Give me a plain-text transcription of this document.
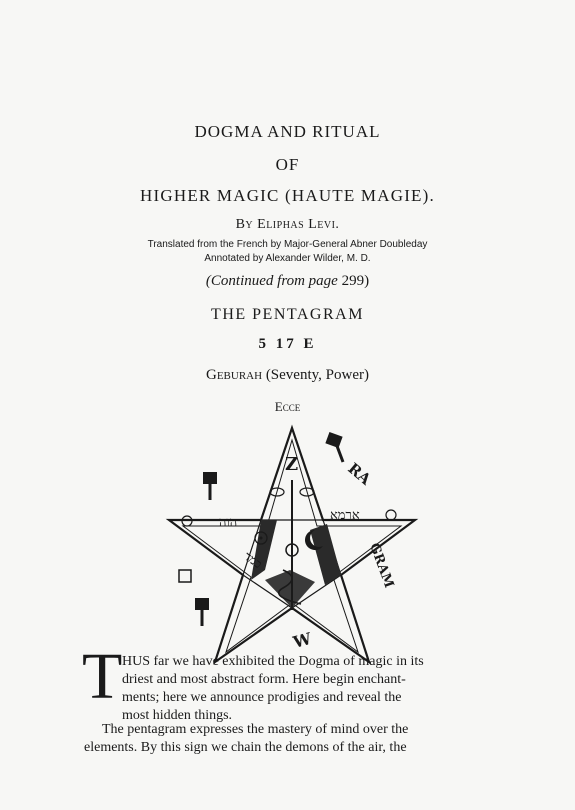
DOGMA AND RITUAL
OF
HIGHER MAGIC (HAUTE MAGIE).
By Eliphas Levi.
Translated from the French by Major-General Abner Doubleday
Annotated by Alexander Wilder, M. D.
(Continued from page 299)
THE PENTAGRAM
5 17 E
Geburah (Seventy, Power)
Ecce
Z
הוה	ארמא
כמד	GRAM
RA
W
T HUS far we have exhibited the Dogma of magic in its
driest and most abstract form. Here begin enchant-
ments; here we announce prodigies and reveal the
most hidden things.
The pentagram expresses the mastery of mind over the
elements. By this sign we chain the demons of the air, the
